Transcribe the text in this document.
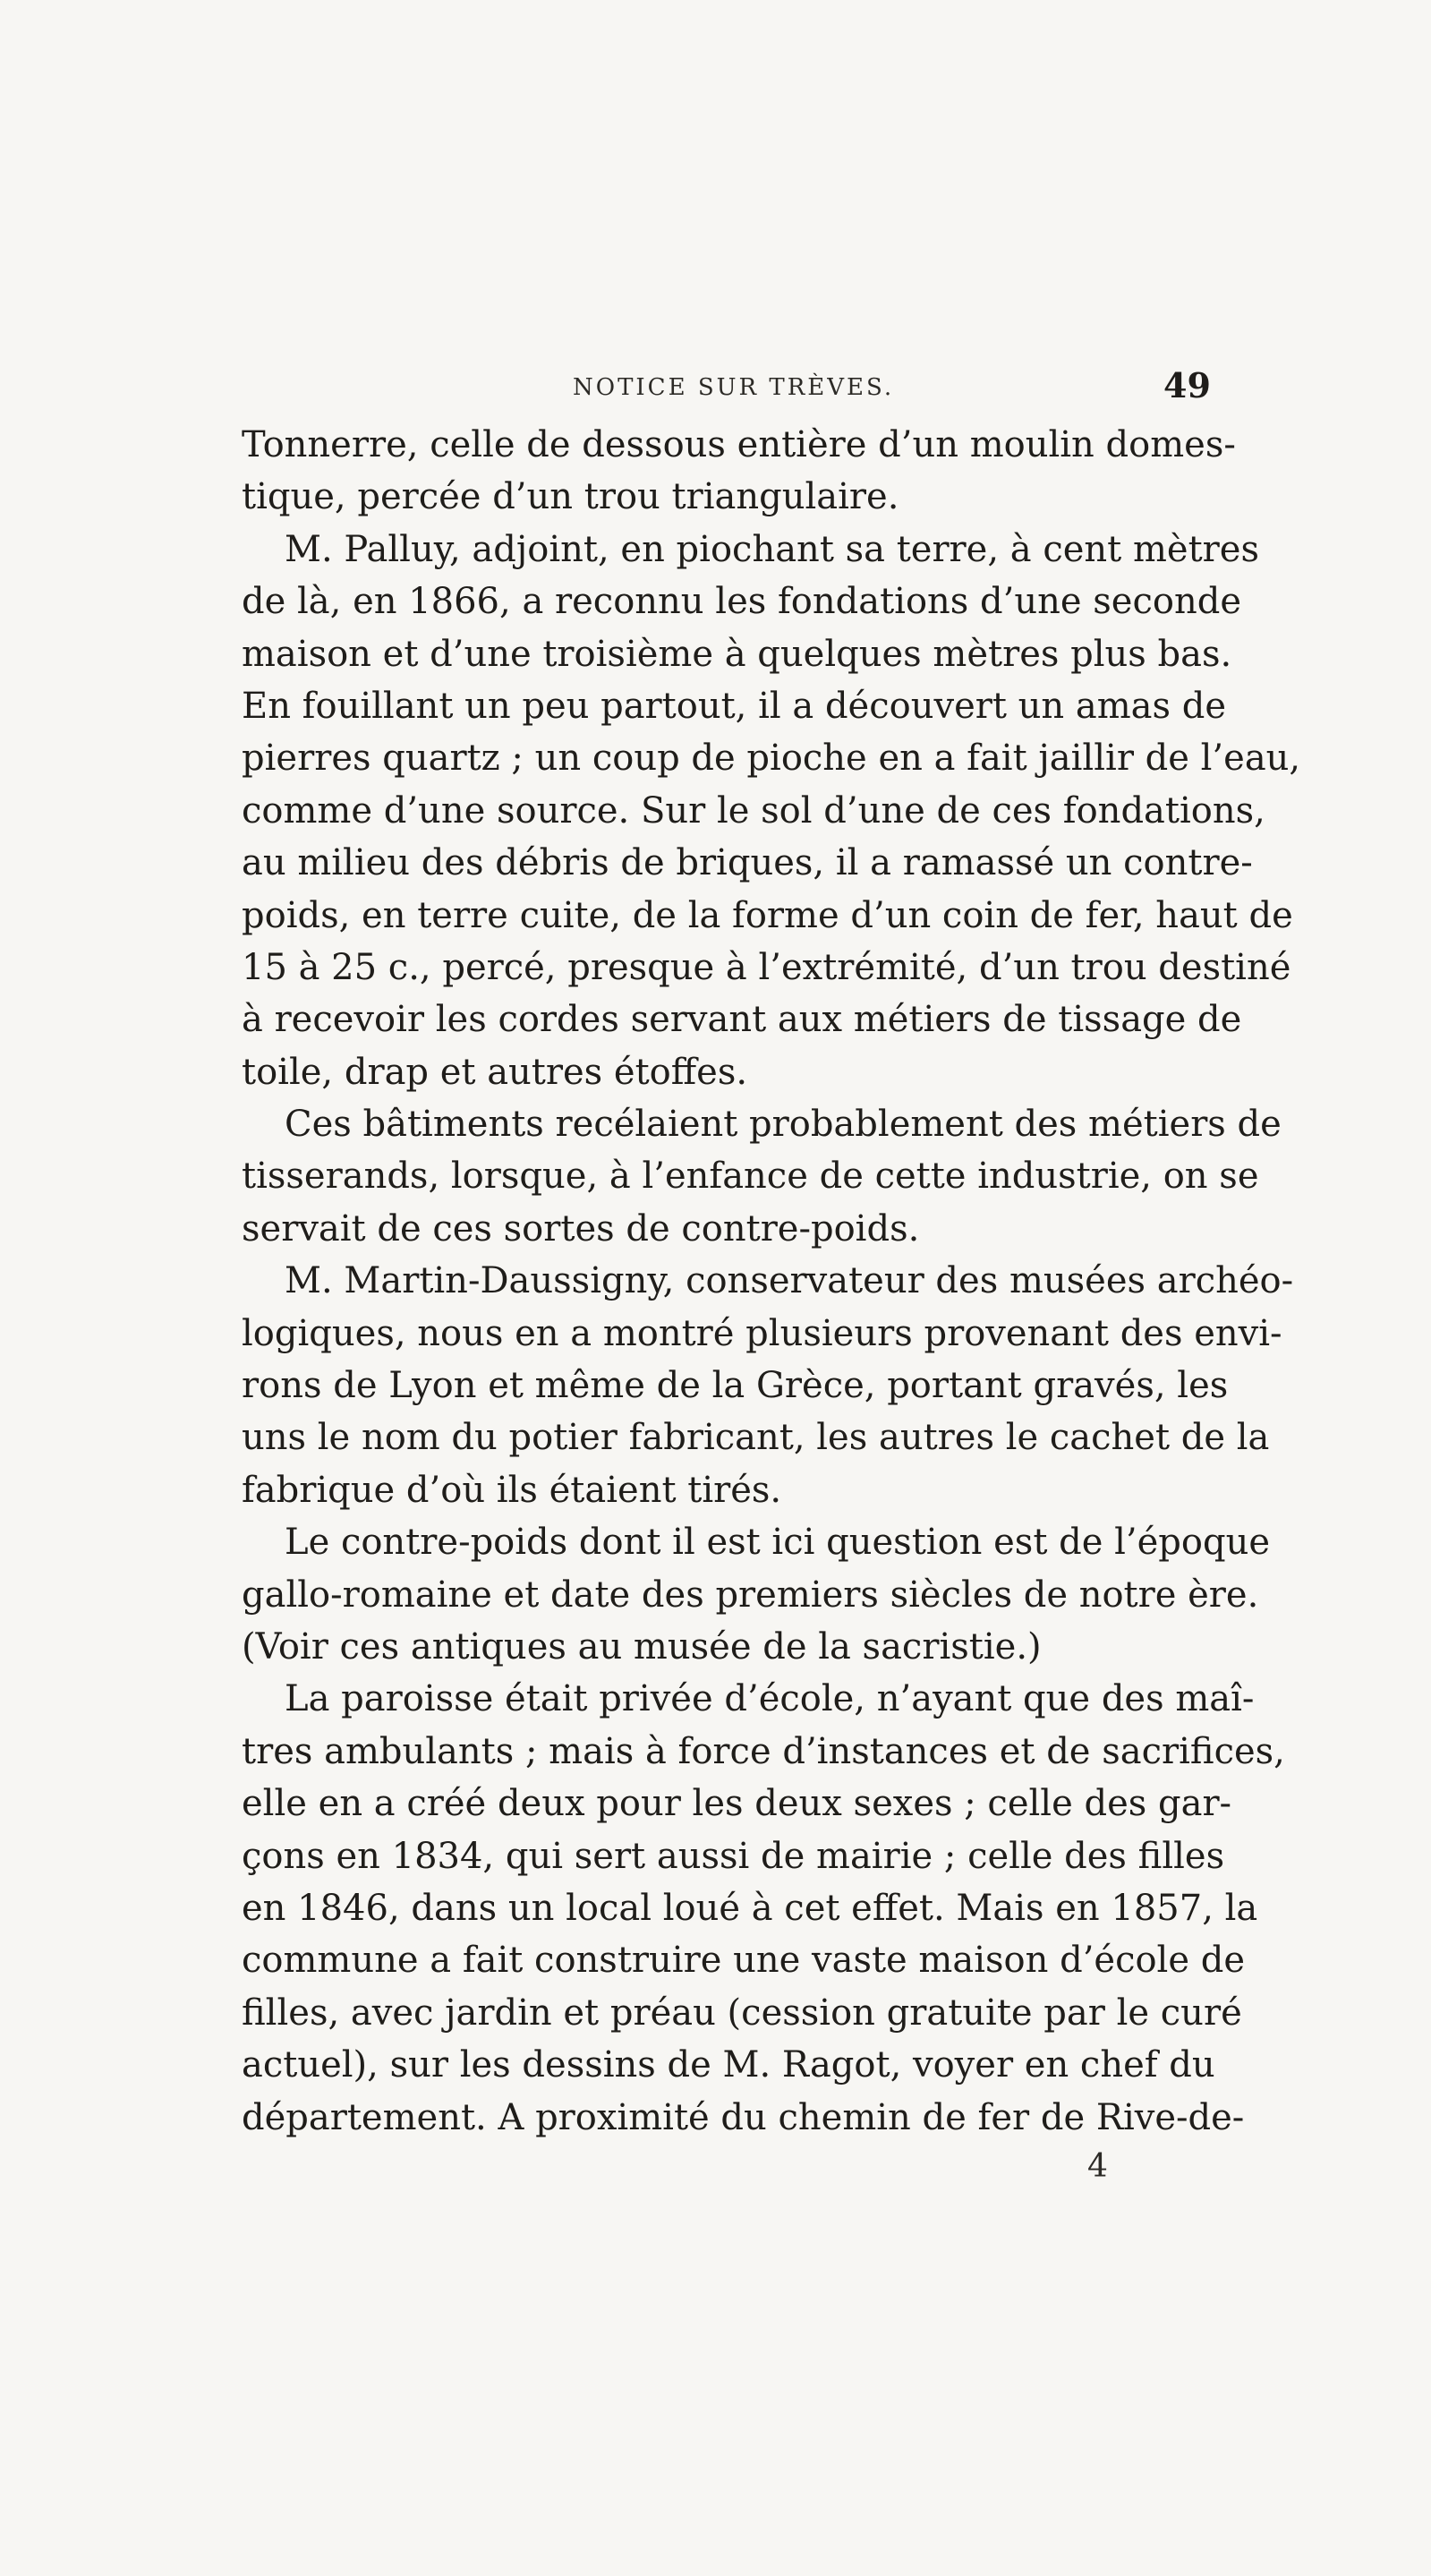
NOTICE SUR TRÈVES.	49
Tonnerre, celle de dessous entière d’un moulin domes-
tique, percée d’un trou triangulaire.
M. Palluy, adjoint, en piochant sa terre, à cent mètres
de là, en 1866, a reconnu les fondations d’une seconde
maison et d’une troisième à quelques mètres plus bas.
En fouillant un peu partout, il a découvert un amas de
pierres quartz ; un coup de pioche en a fait jaillir de l’eau,
comme d’une source. Sur le sol d’une de ces fondations,
au milieu des débris de briques, il a ramassé un contre-
poids, en terre cuite, de la forme d’un coin de fer, haut de
15 à 25 c., percé, presque à l’extrémité, d’un trou destiné
à recevoir les cordes servant aux métiers de tissage de
toile, drap et autres étoffes.
Ces bâtiments recélaient probablement des métiers de
tisserands, lorsque, à l’enfance de cette industrie, on se
servait de ces sortes de contre-poids.
M. Martin-Daussigny, conservateur des musées archéo-
logiques, nous en a montré plusieurs provenant des envi-
rons de Lyon et même de la Grèce, portant gravés, les
uns le nom du potier fabricant, les autres le cachet de la
fabrique d’où ils étaient tirés.
Le contre-poids dont il est ici question est de l’époque
gallo-romaine et date des premiers siècles de notre ère.
(Voir ces antiques au musée de la sacristie.)
La paroisse était privée d’école, n’ayant que des maî-
tres ambulants ; mais à force d’instances et de sacrifices,
elle en a créé deux pour les deux sexes ; celle des gar-
çons en 1834, qui sert aussi de mairie ; celle des filles
en 1846, dans un local loué à cet effet. Mais en 1857, la
commune a fait construire une vaste maison d’école de
filles, avec jardin et préau (cession gratuite par le curé
actuel), sur les dessins de M. Ragot, voyer en chef du
département. A proximité du chemin de fer de Rive-de-
4
